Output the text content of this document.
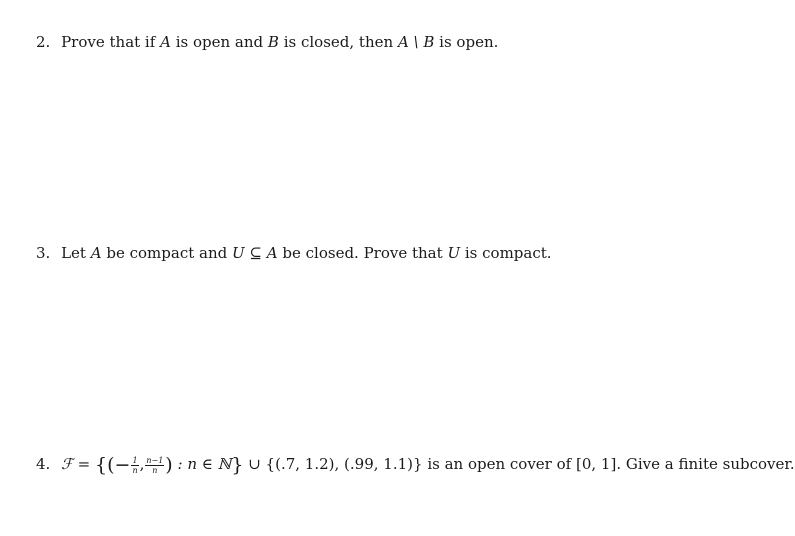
2. Prove that if A is open and B is closed, then A \ B is open.
3. Let A be compact and U ⊆ A be closed. Prove that U is compact.
4. ℱ = {(− $\frac{1}{n}$ , $\frac{n-1}{n}$ ) : n ∈ ℕ} ∪ {(.7, 1.2), (.99, 1.1)} is an open cover of [0, 1]. Give a finite subcover.
